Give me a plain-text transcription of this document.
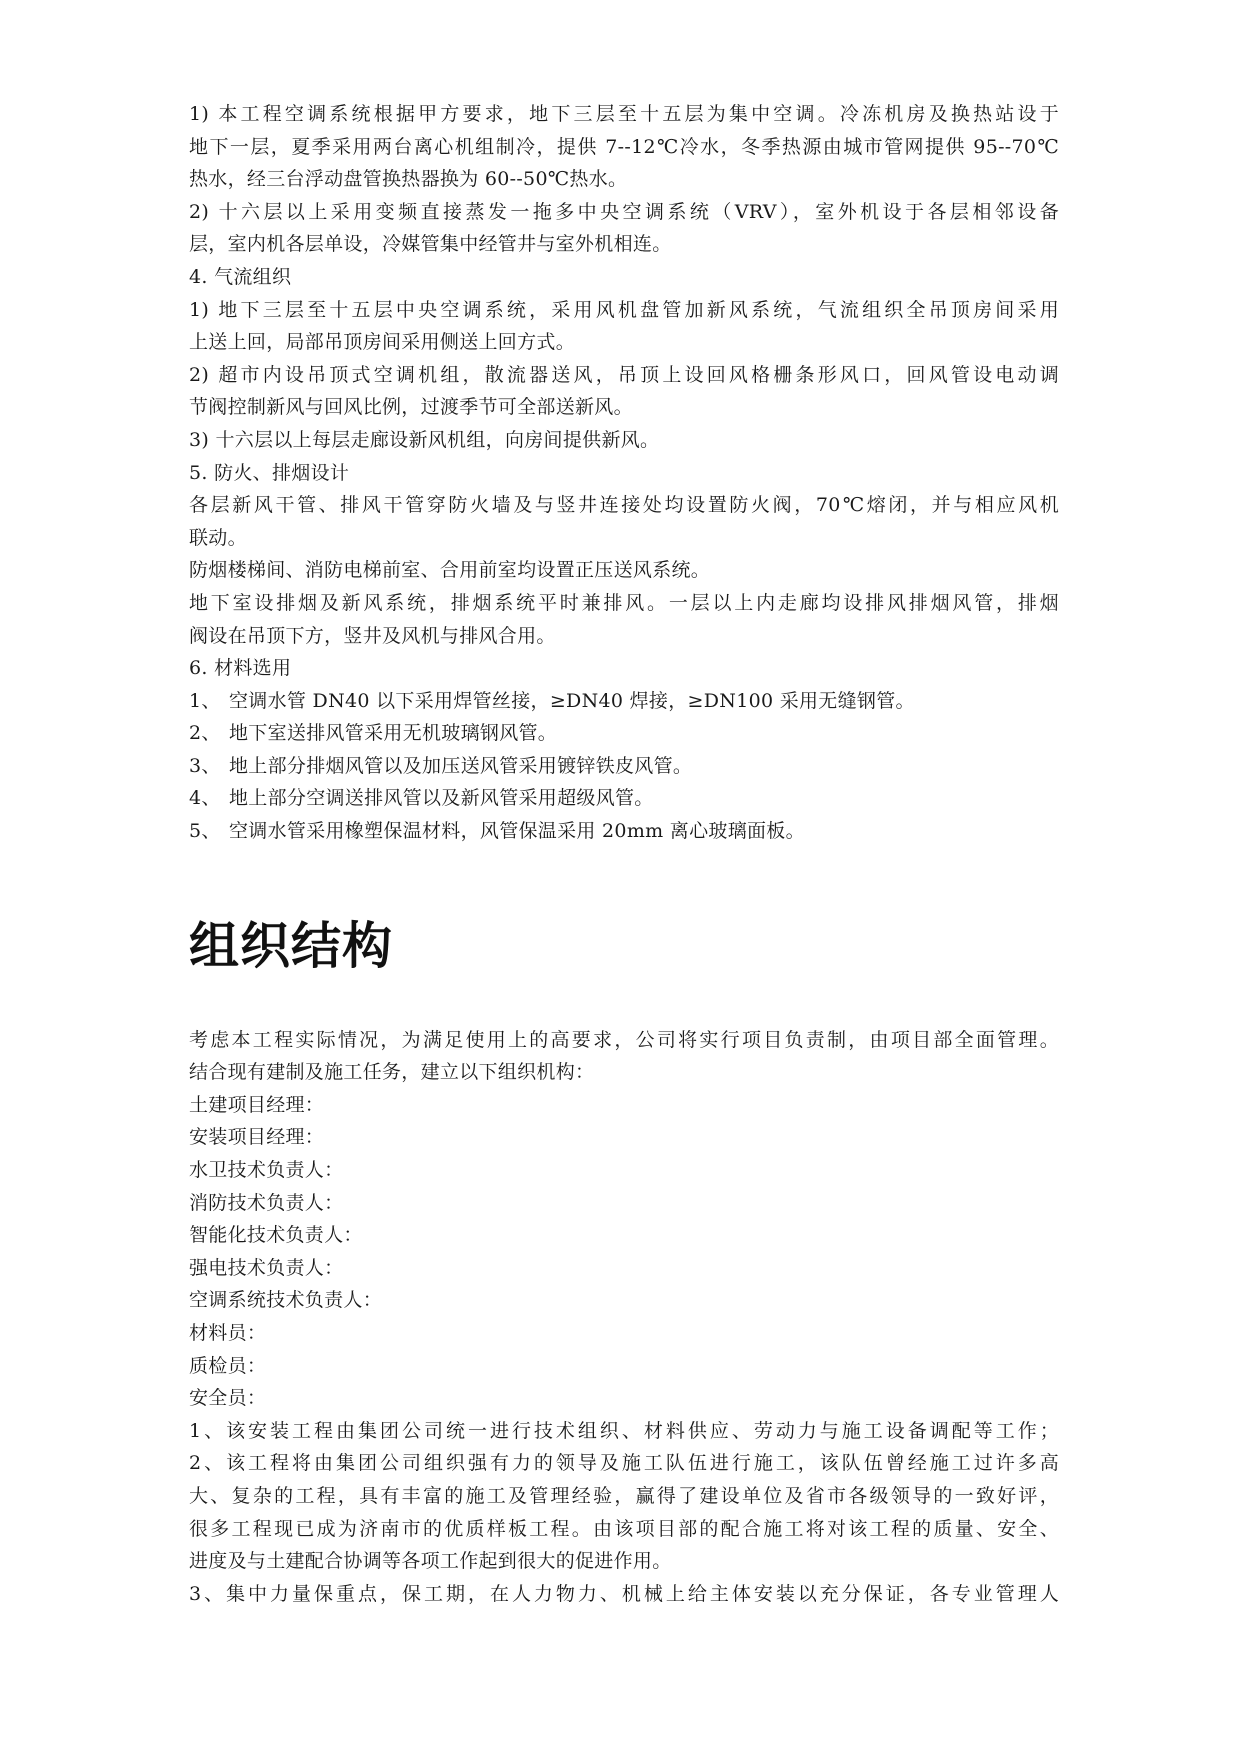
1) 本工程空调系统根据甲方要求，地下三层至十五层为集中空调。冷冻机房及换热站设于
地下一层，夏季采用两台离心机组制冷，提供 7--12℃冷水，冬季热源由城市管网提供 95--70℃
热水，经三台浮动盘管换热器换为 60--50℃热水。
2) 十六层以上采用变频直接蒸发一拖多中央空调系统（VRV），室外机设于各层相邻设备
层，室内机各层单设，冷媒管集中经管井与室外机相连。
4. 气流组织
1) 地下三层至十五层中央空调系统，采用风机盘管加新风系统，气流组织全吊顶房间采用
上送上回，局部吊顶房间采用侧送上回方式。
2) 超市内设吊顶式空调机组，散流器送风，吊顶上设回风格栅条形风口，回风管设电动调
节阀控制新风与回风比例，过渡季节可全部送新风。
3) 十六层以上每层走廊设新风机组，向房间提供新风。
5. 防火、排烟设计
各层新风干管、排风干管穿防火墙及与竖井连接处均设置防火阀，70℃熔闭，并与相应风机
联动。
防烟楼梯间、消防电梯前室、合用前室均设置正压送风系统。
地下室设排烟及新风系统，排烟系统平时兼排风。一层以上内走廊均设排风排烟风管，排烟
阀设在吊顶下方，竖井及风机与排风合用。
6. 材料选用
1、 空调水管 DN40 以下采用焊管丝接，≥DN40 焊接，≥DN100 采用无缝钢管。
2、 地下室送排风管采用无机玻璃钢风管。
3、 地上部分排烟风管以及加压送风管采用镀锌铁皮风管。
4、 地上部分空调送排风管以及新风管采用超级风管。
5、 空调水管采用橡塑保温材料，风管保温采用 20mm 离心玻璃面板。
组织结构
考虑本工程实际情况，为满足使用上的高要求，公司将实行项目负责制，由项目部全面管理。
结合现有建制及施工任务，建立以下组织机构：
土建项目经理：
安装项目经理：
水卫技术负责人：
消防技术负责人：
智能化技术负责人：
强电技术负责人：
空调系统技术负责人：
材料员：
质检员：
安全员：
1、该安装工程由集团公司统一进行技术组织、材料供应、劳动力与施工设备调配等工作；
2、该工程将由集团公司组织强有力的领导及施工队伍进行施工，该队伍曾经施工过许多高
大、复杂的工程，具有丰富的施工及管理经验，赢得了建设单位及省市各级领导的一致好评，
很多工程现已成为济南市的优质样板工程。由该项目部的配合施工将对该工程的质量、安全、
进度及与土建配合协调等各项工作起到很大的促进作用。
3、集中力量保重点，保工期，在人力物力、机械上给主体安装以充分保证，各专业管理人
